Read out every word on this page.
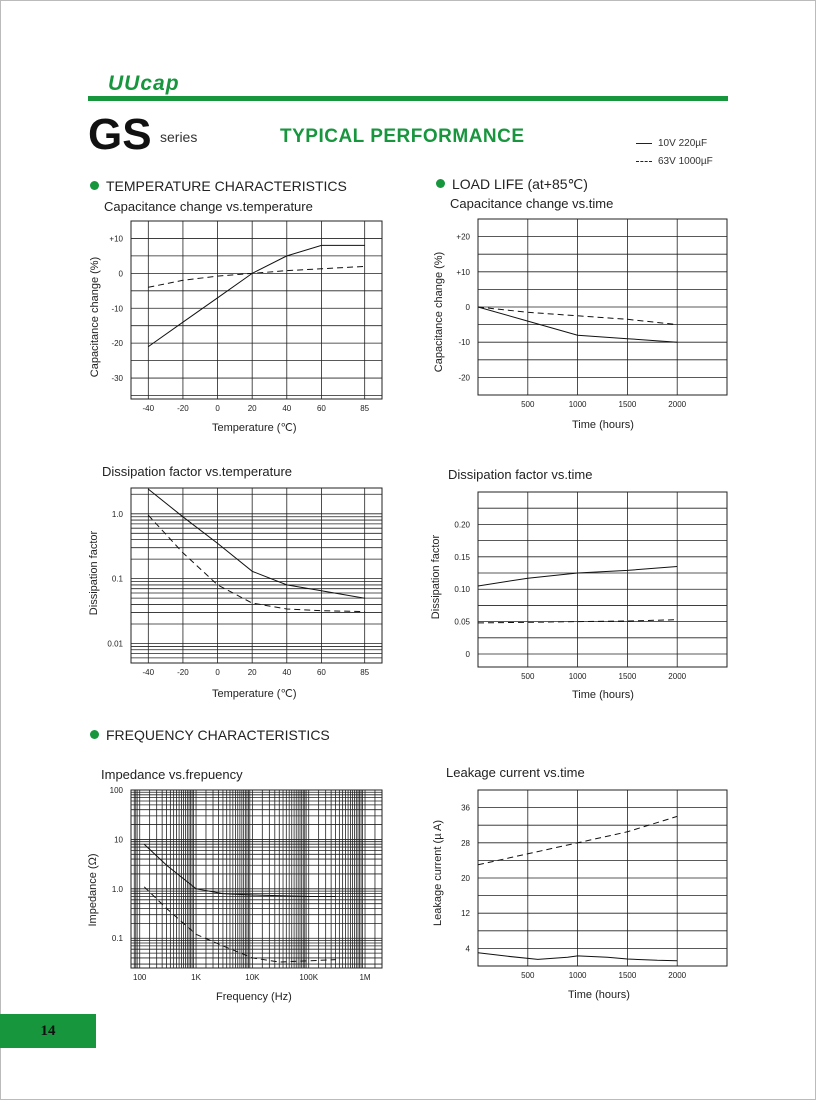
UUcap
GS series	TYPICAL PERFORMANCE	10V 220µF
63V 1000µF
TEMPERATURE CHARACTERISTICS	LOAD LIFE (at+85℃)
FREQUENCY CHARACTERISTICS
Capacitance change vs.temperature	Capacitance change vs.time
Dissipation factor vs.temperature	Dissipation factor vs.time
Impedance vs.frepuency	Leakage current vs.time
Temperature (℃)	Time (hours)
Temperature (℃)	Time (hours)
Frequency (Hz)	Time (hours)
Capacitance change (%)	Capacitance change (%)
Dissipation factor	Dissipation factor
Impedance (Ω)	Leakage current (µ A)
-40	-20	0	20	40	60	85
+10
0
-10
-20
-30
500	1000	1500	2000
+20
+10
0
-10
-20
-40	-20	0	20	40	60	85
1.0
0.1
0.01
500	1000	1500	2000
0.20
0.15
0.10
0.05
0
100	1K	10K	100K	1M
100
10
1.0
0.1
500	1000	1500	2000
36
28
20
12
4
14
